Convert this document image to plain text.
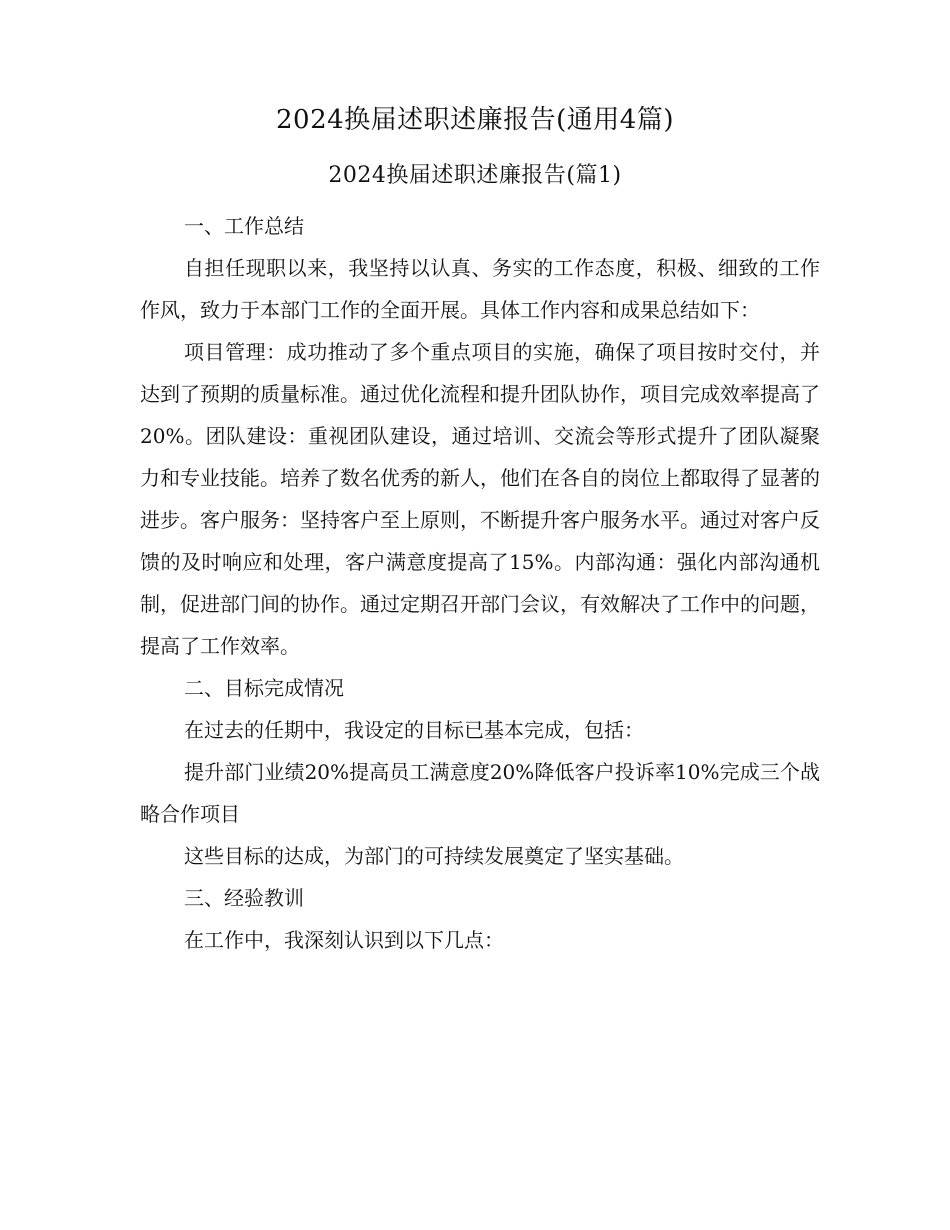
2024换届述职述廉报告(通用4篇)
2024换届述职述廉报告(篇1)

一、工作总结

自担任现职以来，我坚持以认真、务实的工作态度，积极、细致的工作作风，致力于本部门工作的全面开展。具体工作内容和成果总结如下：

项目管理：成功推动了多个重点项目的实施，确保了项目按时交付，并达到了预期的质量标准。通过优化流程和提升团队协作，项目完成效率提高了20%。团队建设：重视团队建设，通过培训、交流会等形式提升了团队凝聚力和专业技能。培养了数名优秀的新人，他们在各自的岗位上都取得了显著的进步。客户服务：坚持客户至上原则，不断提升客户服务水平。通过对客户反馈的及时响应和处理，客户满意度提高了15%。内部沟通：强化内部沟通机制，促进部门间的协作。通过定期召开部门会议，有效解决了工作中的问题，提高了工作效率。

二、目标完成情况

在过去的任期中，我设定的目标已基本完成，包括：

提升部门业绩20%提高员工满意度20%降低客户投诉率10%完成三个战略合作项目

这些目标的达成，为部门的可持续发展奠定了坚实基础。

三、经验教训

在工作中，我深刻认识到以下几点：
